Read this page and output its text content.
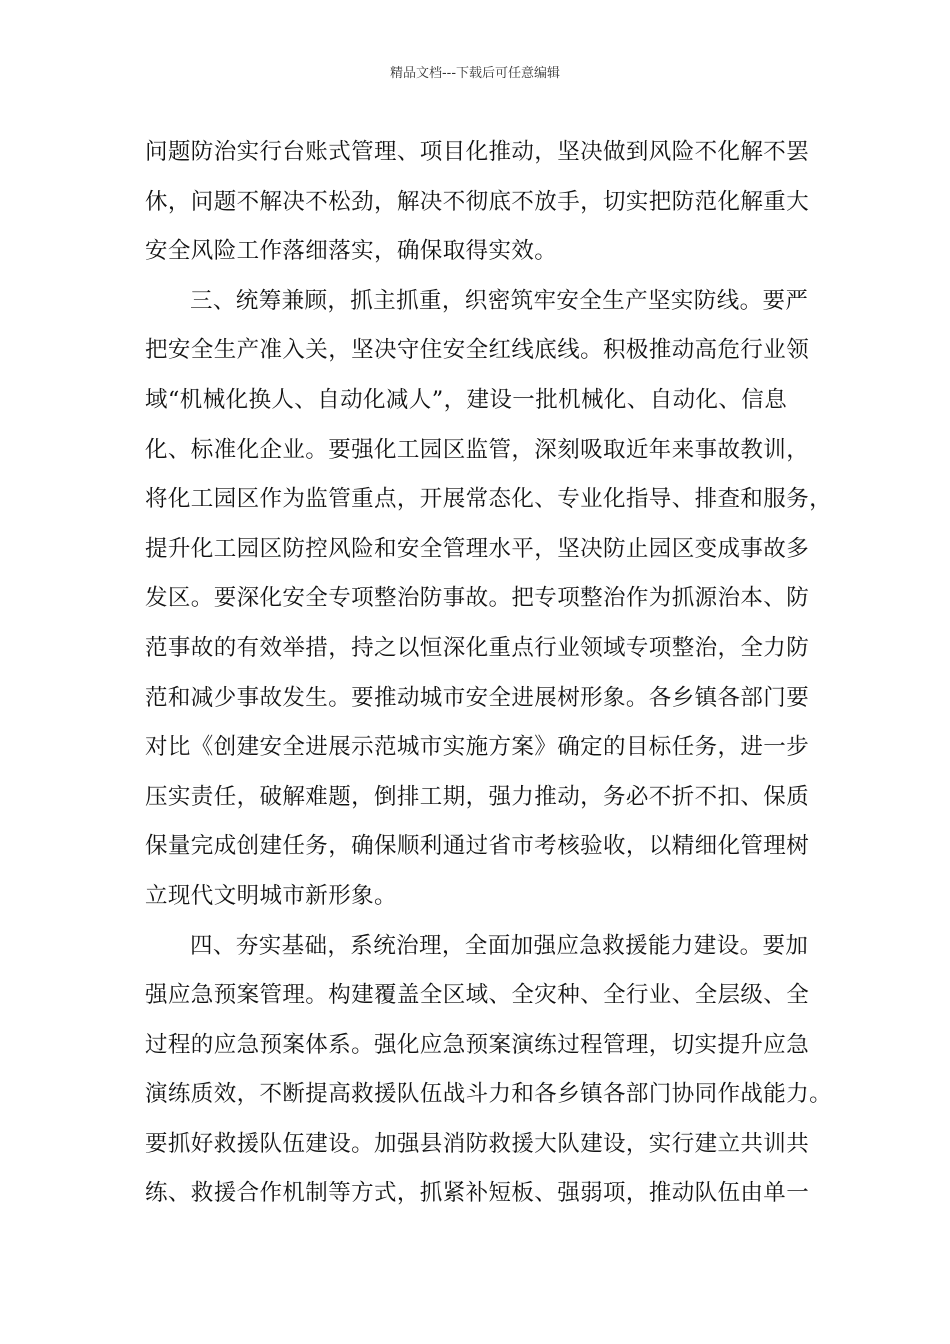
精品文档---下载后可任意编辑
问题防治实行台账式管理、项目化推动，坚决做到风险不化解不罢
休，问题不解决不松劲，解决不彻底不放手，切实把防范化解重大
安全风险工作落细落实，确保取得实效。
三、统筹兼顾，抓主抓重，织密筑牢安全生产坚实防线。要严
把安全生产准入关，坚决守住安全红线底线。积极推动高危行业领
域“机械化换人、自动化减人”，建设一批机械化、自动化、信息
化、标准化企业。要强化工园区监管，深刻吸取近年来事故教训，
将化工园区作为监管重点，开展常态化、专业化指导、排查和服务，
提升化工园区防控风险和安全管理水平，坚决防止园区变成事故多
发区。要深化安全专项整治防事故。把专项整治作为抓源治本、防
范事故的有效举措，持之以恒深化重点行业领域专项整治，全力防
范和减少事故发生。要推动城市安全进展树形象。各乡镇各部门要
对比《创建安全进展示范城市实施方案》确定的目标任务，进一步
压实责任，破解难题，倒排工期，强力推动，务必不折不扣、保质
保量完成创建任务，确保顺利通过省市考核验收，以精细化管理树
立现代文明城市新形象。
四、夯实基础，系统治理，全面加强应急救援能力建设。要加
强应急预案管理。构建覆盖全区域、全灾种、全行业、全层级、全
过程的应急预案体系。强化应急预案演练过程管理，切实提升应急
演练质效，不断提高救援队伍战斗力和各乡镇各部门协同作战能力。
要抓好救援队伍建设。加强县消防救援大队建设，实行建立共训共
练、救援合作机制等方式，抓紧补短板、强弱项，推动队伍由单一
